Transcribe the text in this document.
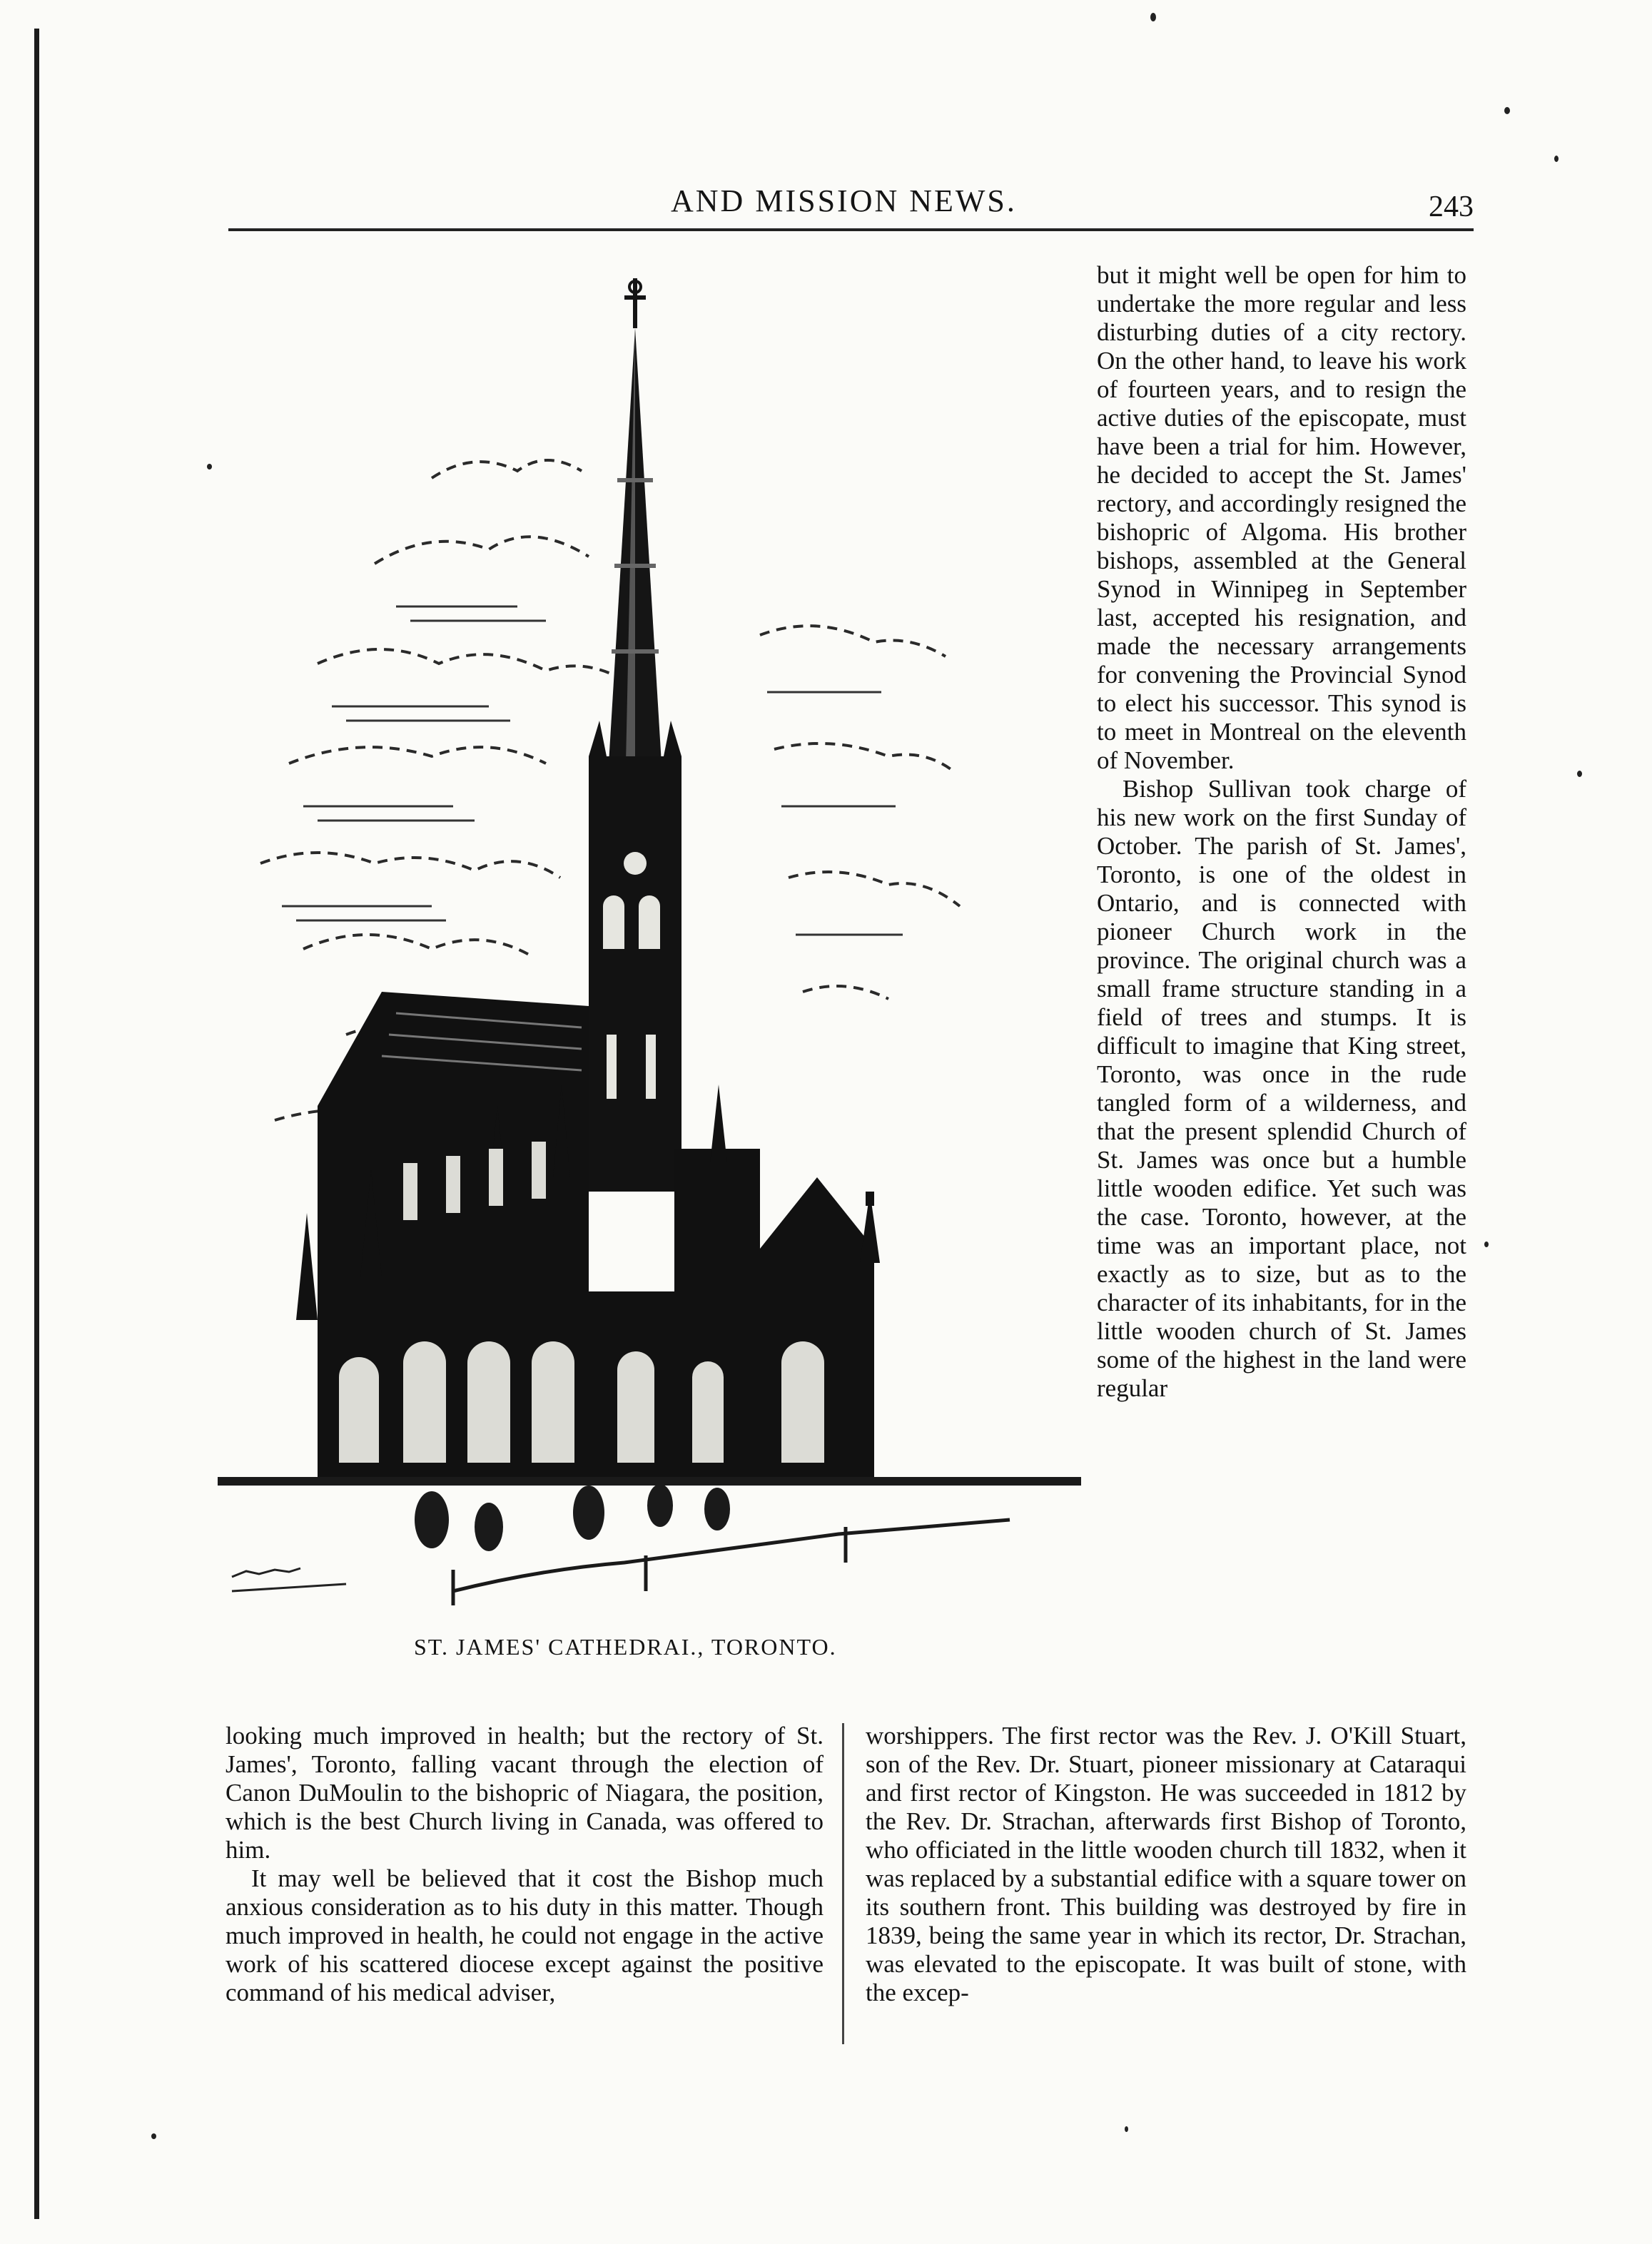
AND MISSION NEWS.	243
ST. JAMES' CATHEDRAI., TORONTO.

but it might well be open for him to undertake the more regular and less disturbing duties of a city rectory. On the other hand, to leave his work of fourteen years, and to resign the active duties of the episcopate, must have been a trial for him. However, he decided to accept the St. James' rectory, and accordingly resigned the bishopric of Algoma. His brother bishops, assembled at the General Synod in Winnipeg in September last, accepted his resignation, and made the necessary arrangements for convening the Provincial Synod to elect his successor. This synod is to meet in Montreal on the eleventh of November.

Bishop Sullivan took charge of his new work on the first Sunday of October. The parish of St. James', Toronto, is one of the oldest in Ontario, and is connected with pioneer Church work in the province. The original church was a small frame structure standing in a field of trees and stumps. It is difficult to imagine that King street, Toronto, was once in the rude tangled form of a wilderness, and that the present splendid Church of St. James was once but a humble little wooden edifice. Yet such was the case. Toronto, however, at the time was an important place, not exactly as to size, but as to the character of its inhabitants, for in the little wooden church of St. James some of the highest in the land were regular

looking much improved in health; but the rectory of St. James', Toronto, falling vacant through the election of Canon DuMoulin to the bishopric of Niagara, the position, which is the best Church living in Canada, was offered to him.

It may well be believed that it cost the Bishop much anxious consideration as to his duty in this matter. Though much improved in health, he could not engage in the active work of his scattered diocese except against the positive command of his medical adviser,

worshippers. The first rector was the Rev. J. O'Kill Stuart, son of the Rev. Dr. Stuart, pioneer missionary at Cataraqui and first rector of Kingston. He was succeeded in 1812 by the Rev. Dr. Strachan, afterwards first Bishop of Toronto, who officiated in the little wooden church till 1832, when it was replaced by a substantial edifice with a square tower on its southern front. This building was destroyed by fire in 1839, being the same year in which its rector, Dr. Strachan, was elevated to the episcopate. It was built of stone, with the excep-
